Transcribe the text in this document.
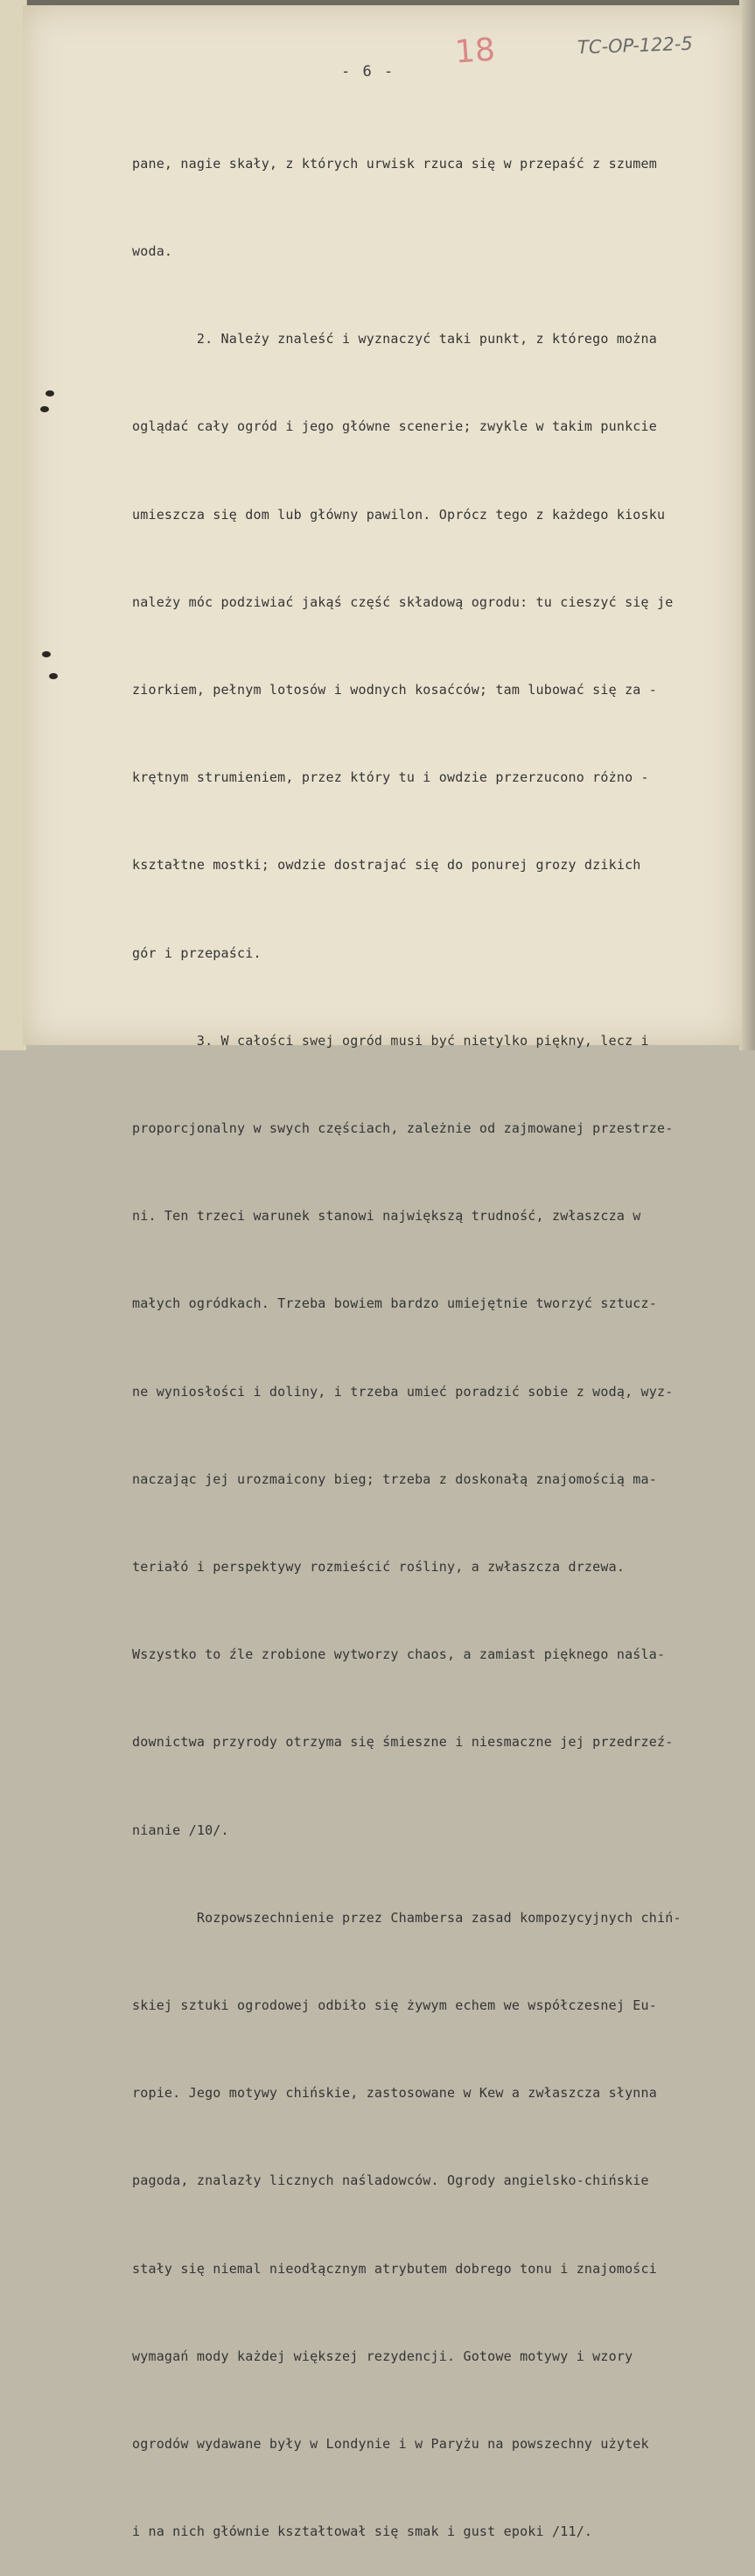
18	TC-OP-122-5
- 6 -

pane, nagie skały, z których urwisk rzuca się w przepaść z szumem

woda.

2. Należy znaleść i wyznaczyć taki punkt, z którego można

oglądać cały ogród i jego główne scenerie; zwykle w takim punkcie

umieszcza się dom lub główny pawilon. Oprócz tego z każdego kiosku

należy móc podziwiać jakąś część składową ogrodu: tu cieszyć się je

ziorkiem, pełnym lotosów i wodnych kosaćców; tam lubować się za -

krętnym strumieniem, przez który tu i owdzie przerzucono różno -

kształtne mostki; owdzie dostrajać się do ponurej grozy dzikich

gór i przepaści.

3. W całości swej ogród musi być nietylko piękny, lecz i

proporcjonalny w swych częściach, zależnie od zajmowanej przestrze-

ni. Ten trzeci warunek stanowi największą trudność, zwłaszcza w

małych ogródkach. Trzeba bowiem bardzo umiejętnie tworzyć sztucz-

ne wyniosłości i doliny, i trzeba umieć poradzić sobie z wodą, wyz-

naczając jej urozmaicony bieg; trzeba z doskonałą znajomością ma-

teriałó i perspektywy rozmieścić rośliny, a zwłaszcza drzewa.

Wszystko to źle zrobione wytworzy chaos, a zamiast pięknego naśla-

downictwa przyrody otrzyma się śmieszne i niesmaczne jej przedrzeź-

nianie /10/.

Rozpowszechnienie przez Chambersa zasad kompozycyjnych chiń-

skiej sztuki ogrodowej odbiło się żywym echem we współczesnej Eu-

ropie. Jego motywy chińskie, zastosowane w Kew a zwłaszcza słynna

pagoda, znalazły licznych naśladowców. Ogrody angielsko-chińskie

stały się niemal nieodłącznym atrybutem dobrego tonu i znajomości

wymagań mody każdej większej rezydencji. Gotowe motywy i wzory

ogrodów wydawane były w Londynie i w Paryżu na powszechny użytek

i na nich głównie kształtował się smak i gust epoki /11/.
